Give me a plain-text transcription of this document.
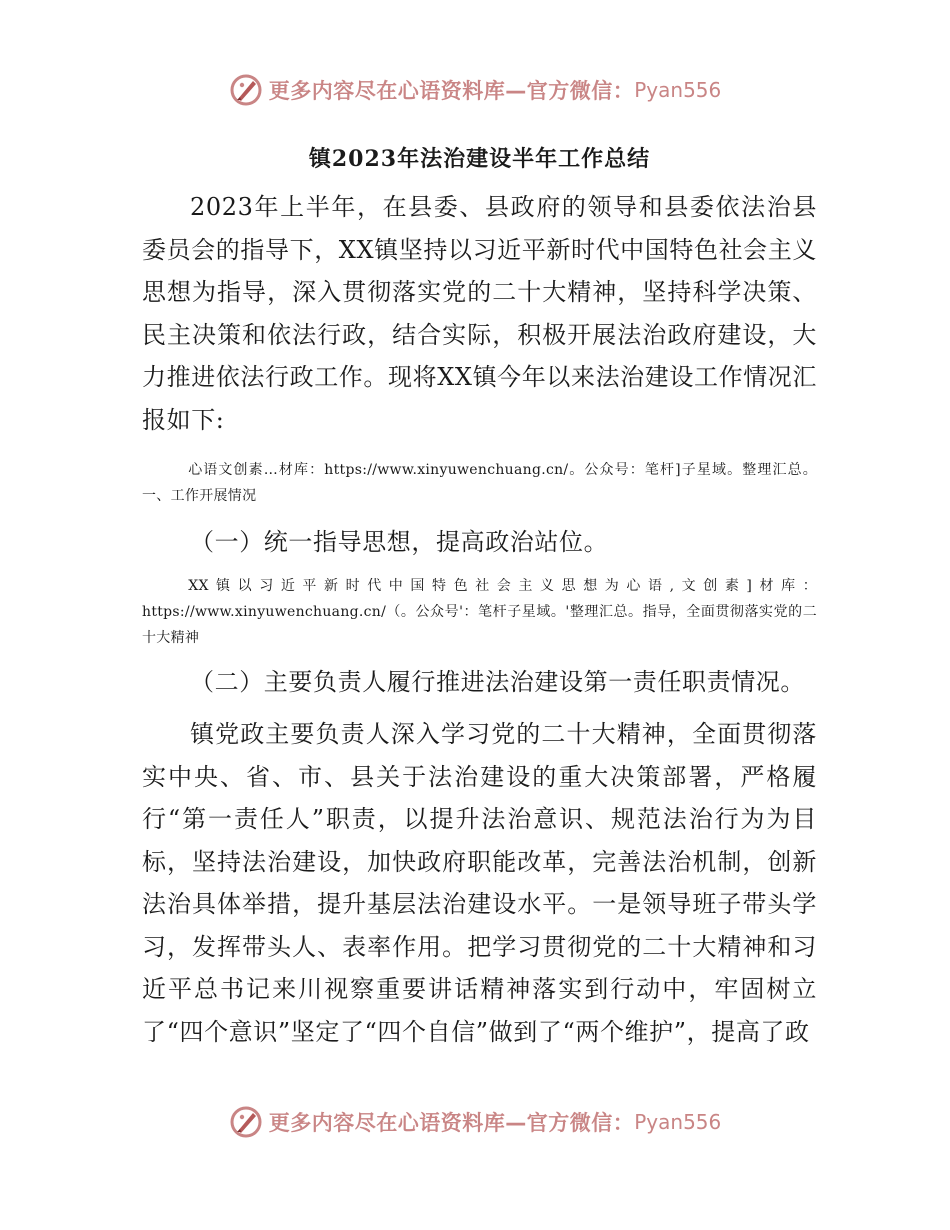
更多内容尽在心语资料库—官方微信： Pyan556
镇2023年法治建设半年工作总结

2023年上半年，在县委、县政府的领导和县委依法治县委员会的指导下，XX镇坚持以习近平新时代中国特色社会主义思想为指导，深入贯彻落实党的二十大精神，坚持科学决策、民主决策和依法行政，结合实际，积极开展法治政府建设，大力推进依法行政工作。现将XX镇今年以来法治建设工作情况汇报如下:

心语文创素…材库：https://www.xinyuwenchuang.cn/。公众号：笔杆]子星域。整理汇总。一、工作开展情况

（一）统一指导思想，提高政治站位。

XX镇以习近平新时代中国特色社会主义思想为心语,文创素]材库：https://www.xinyuwenchuang.cn/（。公众号'：笔杆子星域。'整理汇总。指导，全面贯彻落实党的二十大精神

（二）主要负责人履行推进法治建设第一责任职责情况。

镇党政主要负责人深入学习党的二十大精神，全面贯彻落实中央、省、市、县关于法治建设的重大决策部署，严格履行“第一责任人”职责，以提升法治意识、规范法治行为为目标，坚持法治建设，加快政府职能改革，完善法治机制，创新法治具体举措，提升基层法治建设水平。一是领导班子带头学习，发挥带头人、表率作用。把学习贯彻党的二十大精神和习近平总书记来川视察重要讲话精神落实到行动中，牢固树立了“四个意识”坚定了“四个自信”做到了“两个维护”，提高了政

更多内容尽在心语资料库—官方微信： Pyan556
